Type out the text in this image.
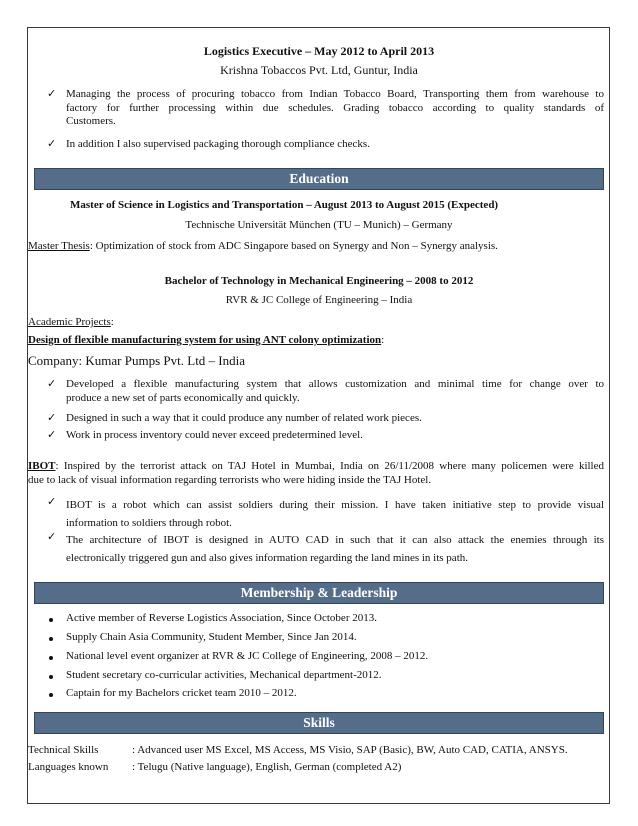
Logistics Executive – May 2012 to April 2013
Krishna Tobaccos Pvt. Ltd, Guntur, India
✓ Managing the process of procuring tobacco from Indian Tobacco Board, Transporting them from warehouse to
factory for further processing within due schedules. Grading tobacco according to quality standards of
Customers.
✓ In addition I also supervised packaging thorough compliance checks.
Education
Master of Science in Logistics and Transportation – August 2013 to August 2015 (Expected)
Technische Universität München (TU – Munich) – Germany
Master Thesis: Optimization of stock from ADC Singapore based on Synergy and Non – Synergy analysis.
Bachelor of Technology in Mechanical Engineering – 2008 to 2012
RVR & JC College of Engineering – India
Academic Projects:
Design of flexible manufacturing system for using ANT colony optimization:
Company: Kumar Pumps Pvt. Ltd – India
✓ Developed a flexible manufacturing system that allows customization and minimal time for change over to
produce a new set of parts economically and quickly.
✓ Designed in such a way that it could produce any number of related work pieces.
✓ Work in process inventory could never exceed predetermined level.
IBOT: Inspired by the terrorist attack on TAJ Hotel in Mumbai, India on 26/11/2008 where many policemen were killed
due to lack of visual information regarding terrorists who were hiding inside the TAJ Hotel.
✓ IBOT is a robot which can assist soldiers during their mission. I have taken initiative step to provide visual
information to soldiers through robot.
✓ The architecture of IBOT is designed in AUTO CAD in such that it can also attack the enemies through its
electronically triggered gun and also gives information regarding the land mines in its path.
Membership & Leadership
Active member of Reverse Logistics Association, Since October 2013.
Supply Chain Asia Community, Student Member, Since Jan 2014.
National level event organizer at RVR & JC College of Engineering, 2008 – 2012.
Student secretary co-curricular activities, Mechanical department-2012.
Captain for my Bachelors cricket team 2010 – 2012.
Skills
Technical Skills	: Advanced user MS Excel, MS Access, MS Visio, SAP (Basic), BW, Auto CAD, CATIA, ANSYS.
Languages known : Telugu (Native language), English, German (completed A2)
